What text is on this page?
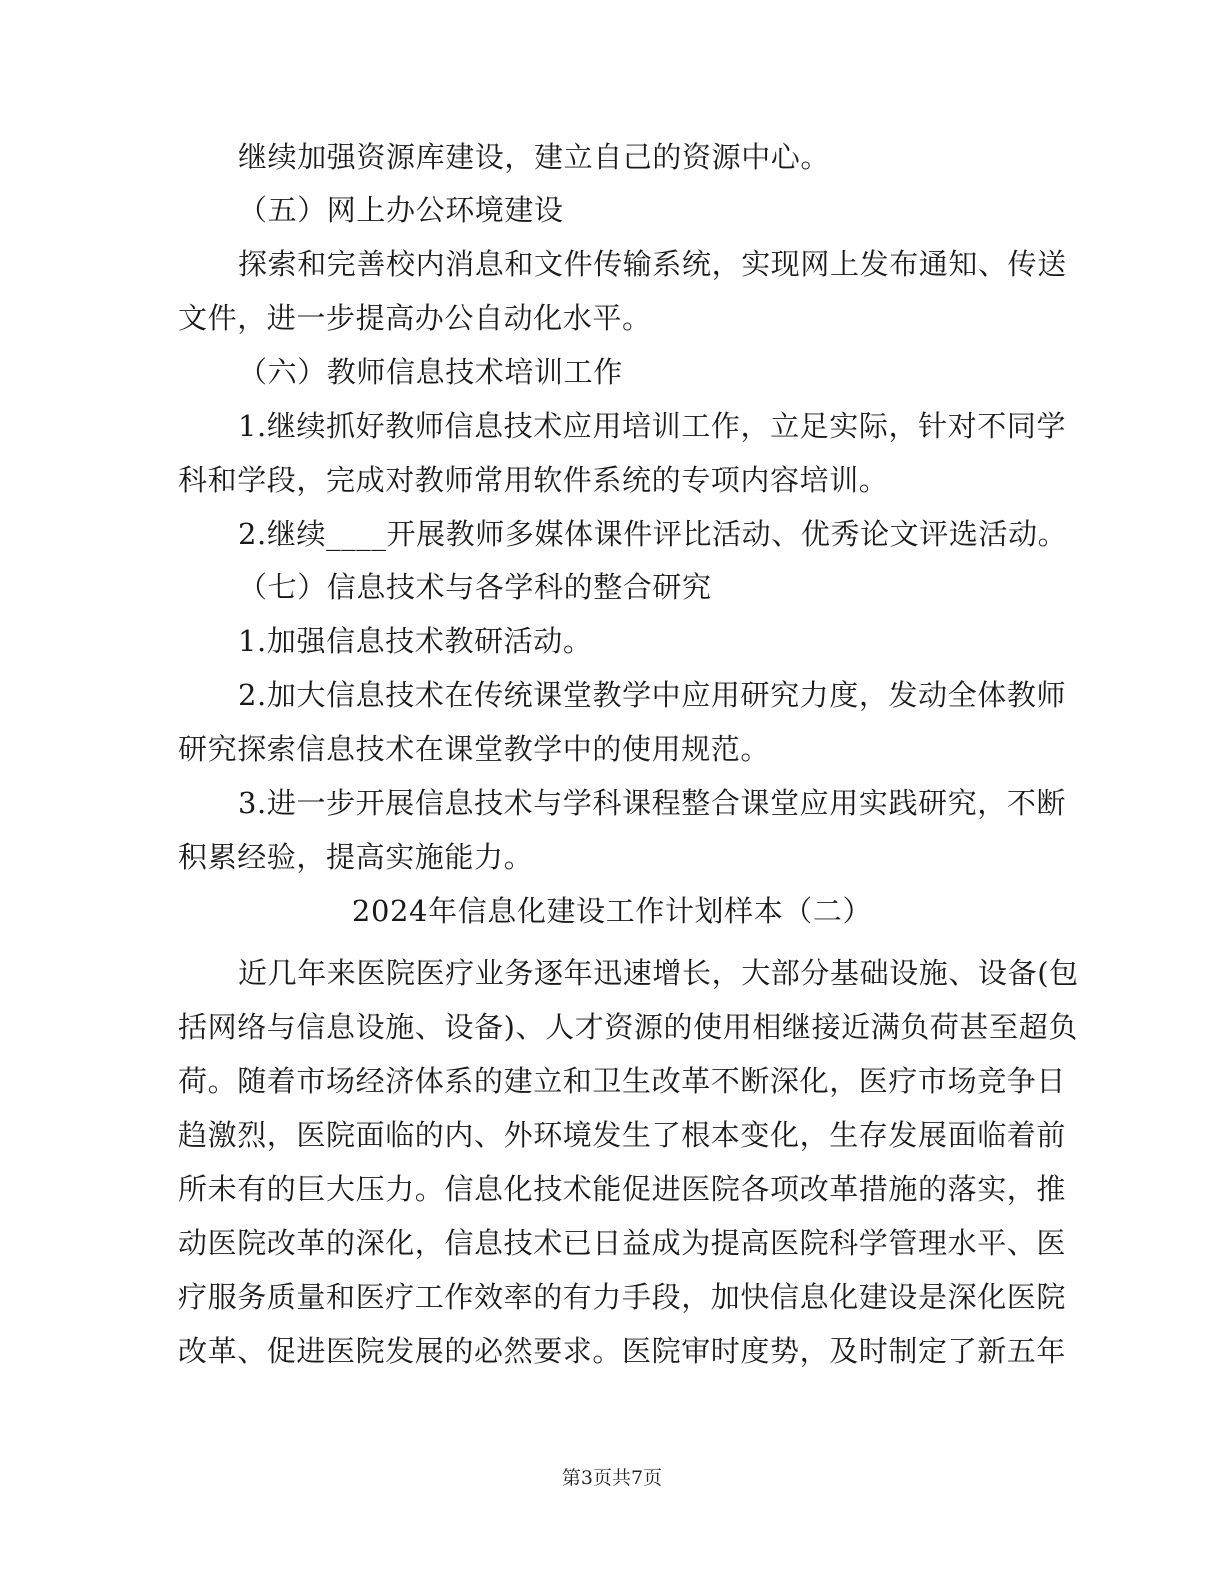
继续加强资源库建设，建立自己的资源中心。
（五）网上办公环境建设
探索和完善校内消息和文件传输系统，实现网上发布通知、传送
文件，进一步提高办公自动化水平。
（六）教师信息技术培训工作
1.继续抓好教师信息技术应用培训工作，立足实际，针对不同学
科和学段，完成对教师常用软件系统的专项内容培训。
2.继续____开展教师多媒体课件评比活动、优秀论文评选活动。
（七）信息技术与各学科的整合研究
1.加强信息技术教研活动。
2.加大信息技术在传统课堂教学中应用研究力度，发动全体教师
研究探索信息技术在课堂教学中的使用规范。
3.进一步开展信息技术与学科课程整合课堂应用实践研究，不断
积累经验，提高实施能力。
2024年信息化建设工作计划样本（二）
近几年来医院医疗业务逐年迅速增长，大部分基础设施、设备(包
括网络与信息设施、设备)、人才资源的使用相继接近满负荷甚至超负
荷。随着市场经济体系的建立和卫生改革不断深化，医疗市场竞争日
趋激烈，医院面临的内、外环境发生了根本变化，生存发展面临着前
所未有的巨大压力。信息化技术能促进医院各项改革措施的落实，推
动医院改革的深化，信息技术已日益成为提高医院科学管理水平、医
疗服务质量和医疗工作效率的有力手段，加快信息化建设是深化医院
改革、促进医院发展的必然要求。医院审时度势，及时制定了新五年
第3页共7页
